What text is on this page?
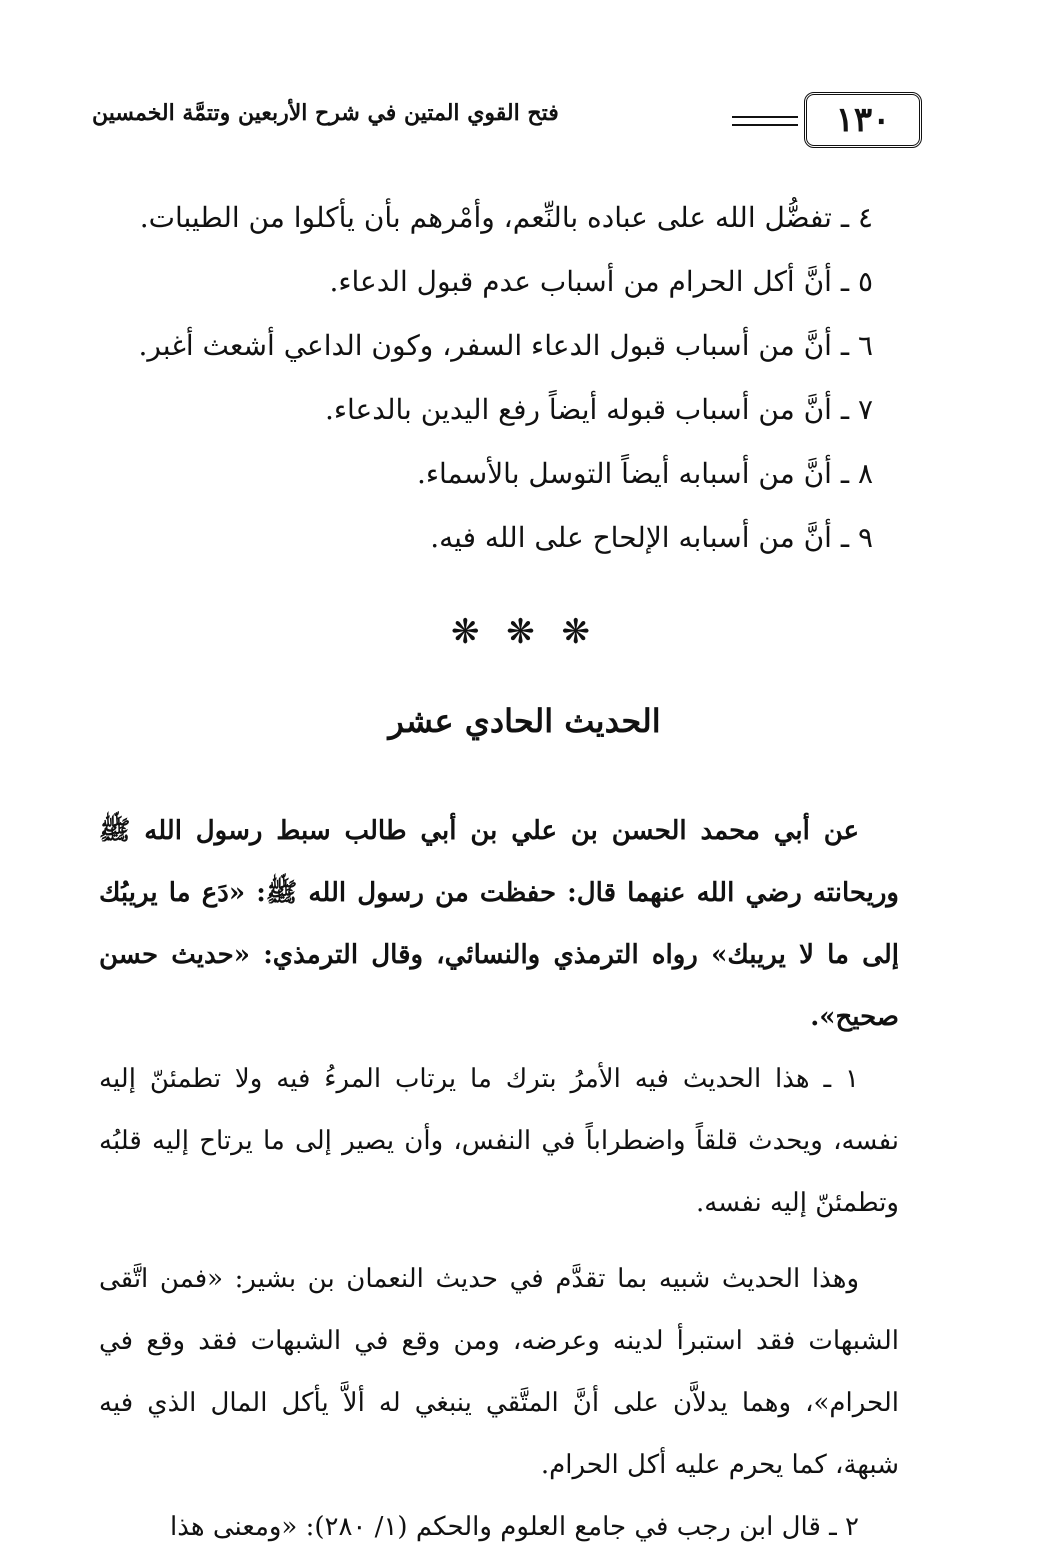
١٣٠
فتح القوي المتين في شرح الأربعين وتتمَّة الخمسين
٤ ـ تفضُّل الله على عباده بالنِّعم، وأمْرهم بأن يأكلوا من الطيبات.
٥ ـ أنَّ أكل الحرام من أسباب عدم قبول الدعاء.
٦ ـ أنَّ من أسباب قبول الدعاء السفر، وكون الداعي أشعث أغبر.
٧ ـ أنَّ من أسباب قبوله أيضاً رفع اليدين بالدعاء.
٨ ـ أنَّ من أسبابه أيضاً التوسل بالأسماء.
٩ ـ أنَّ من أسبابه الإلحاح على الله فيه.
❋ ❋ ❋
الحديث الحادي عشر

عن أبي محمد الحسن بن علي بن أبي طالب سبط رسول الله ﷺ وريحانته رضي الله عنهما قال: حفظت من رسول الله ﷺ: «دَع ما يريبُك إلى ما لا يريبك» رواه الترمذي والنسائي، وقال الترمذي: «حديث حسن صحيح».

١ ـ هذا الحديث فيه الأمرُ بترك ما يرتاب المرءُ فيه ولا تطمئنّ إليه نفسه، ويحدث قلقاً واضطراباً في النفس، وأن يصير إلى ما يرتاح إليه قلبُه وتطمئنّ إليه نفسه.

وهذا الحديث شبيه بما تقدَّم في حديث النعمان بن بشير: «فمن اتَّقى الشبهات فقد استبرأ لدينه وعرضه، ومن وقع في الشبهات فقد وقع في الحرام»، وهما يدلاَّن على أنَّ المتَّقي ينبغي له ألاَّ يأكل المال الذي فيه شبهة، كما يحرم عليه أكل الحرام.

٢ ـ قال ابن رجب في جامع العلوم والحكم (١/ ٢٨٠): «ومعنى هذا
